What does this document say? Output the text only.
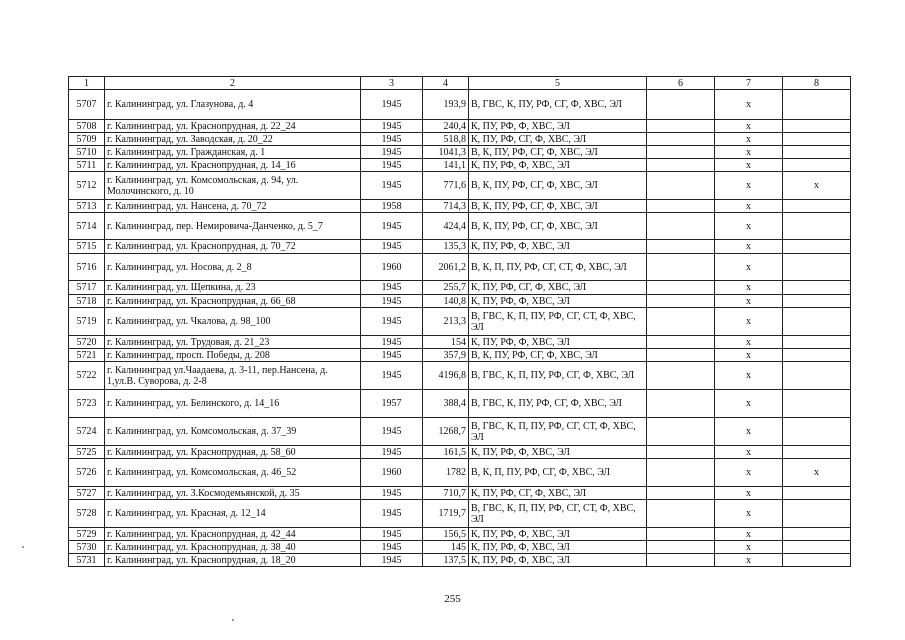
1	2	3	4	5	6	7	8
5707	г. Калининград, ул. Глазунова, д. 4	1945	193,9	В, ГВС, К, ПУ, РФ, СГ, Ф, ХВС, ЭЛ		х	
5708	г. Калининград, ул. Краснопрудная, д. 22_24	1945	240,4	К, ПУ, РФ, Ф, ХВС, ЭЛ		х	
5709	г. Калининград, ул. Заводская, д. 20_22	1945	518,8	К, ПУ, РФ, СГ, Ф, ХВС, ЭЛ		х	
5710	г. Калининград, ул. Гражданская, д. 1	1945	1041,3	В, К, ПУ, РФ, СГ, Ф, ХВС, ЭЛ		х	
5711	г. Калининград, ул. Краснопрудная, д. 14_16	1945	141,1	К, ПУ, РФ, Ф, ХВС, ЭЛ		х	
5712	г. Калининград, ул. Комсомольская, д. 94, ул. Молочинского, д. 10	1945	771,6	В, К, ПУ, РФ, СГ, Ф, ХВС, ЭЛ		х	х
5713	г. Калининград, ул. Нансена, д. 70_72	1958	714,3	В, К, ПУ, РФ, СГ, Ф, ХВС, ЭЛ		х	
5714	г. Калининград, пер. Немировича-Данченко, д. 5_7	1945	424,4	В, К, ПУ, РФ, СГ, Ф, ХВС, ЭЛ		х	
5715	г. Калининград, ул. Краснопрудная, д. 70_72	1945	135,3	К, ПУ, РФ, Ф, ХВС, ЭЛ		х	
5716	г. Калининград, ул. Носова, д. 2_8	1960	2061,2	В, К, П, ПУ, РФ, СГ, СТ, Ф, ХВС, ЭЛ		х	
5717	г. Калининград, ул. Щепкина, д. 23	1945	255,7	К, ПУ, РФ, СГ, Ф, ХВС, ЭЛ		х	
5718	г. Калининград, ул. Краснопрудная, д. 66_68	1945	140,8	К, ПУ, РФ, Ф, ХВС, ЭЛ		х	
5719	г. Калининград, ул. Чкалова, д. 98_100	1945	213,3	В, ГВС, К, П, ПУ, РФ, СГ, СТ, Ф, ХВС, ЭЛ		х	
5720	г. Калининград, ул. Трудовая, д. 21_23	1945	154	К, ПУ, РФ, Ф, ХВС, ЭЛ		х	
5721	г. Калининград, просп. Победы, д. 208	1945	357,9	В, К, ПУ, РФ, СГ, Ф, ХВС, ЭЛ		х	
5722	г. Калининград ул.Чаадаева, д. 3-11, пер.Нансена, д. 1,ул.В. Суворова, д. 2-8	1945	4196,8	В, ГВС, К, П, ПУ, РФ, СГ, Ф, ХВС, ЭЛ		х	
5723	г. Калининград, ул. Белинского, д. 14_16	1957	388,4	В, ГВС, К, ПУ, РФ, СГ, Ф, ХВС, ЭЛ		х	
5724	г. Калининград, ул. Комсомольская, д. 37_39	1945	1268,7	В, ГВС, К, П, ПУ, РФ, СГ, СТ, Ф, ХВС, ЭЛ		х	
5725	г. Калининград, ул. Краснопрудная, д. 58_60	1945	161,5	К, ПУ, РФ, Ф, ХВС, ЭЛ		х	
5726	г. Калининград, ул. Комсомольская, д. 46_52	1960	1782	В, К, П, ПУ, РФ, СГ, Ф, ХВС, ЭЛ		х	х
5727	г. Калининград, ул. З.Космодемьянской, д. 35	1945	710,7	К, ПУ, РФ, СГ, Ф, ХВС, ЭЛ		х	
5728	г. Калининград, ул. Красная, д. 12_14	1945	1719,7	В, ГВС, К, П, ПУ, РФ, СГ, СТ, Ф, ХВС, ЭЛ		х	
5729	г. Калининград, ул. Краснопрудная, д. 42_44	1945	156,5	К, ПУ, РФ, Ф, ХВС, ЭЛ		х	
5730	г. Калининград, ул. Краснопрудная, д. 38_40	1945	145	К, ПУ, РФ, Ф, ХВС, ЭЛ		х	
5731	г. Калининград, ул. Краснопрудная, д. 18_20	1945	137,5	К, ПУ, РФ, Ф, ХВС, ЭЛ		х	
255
